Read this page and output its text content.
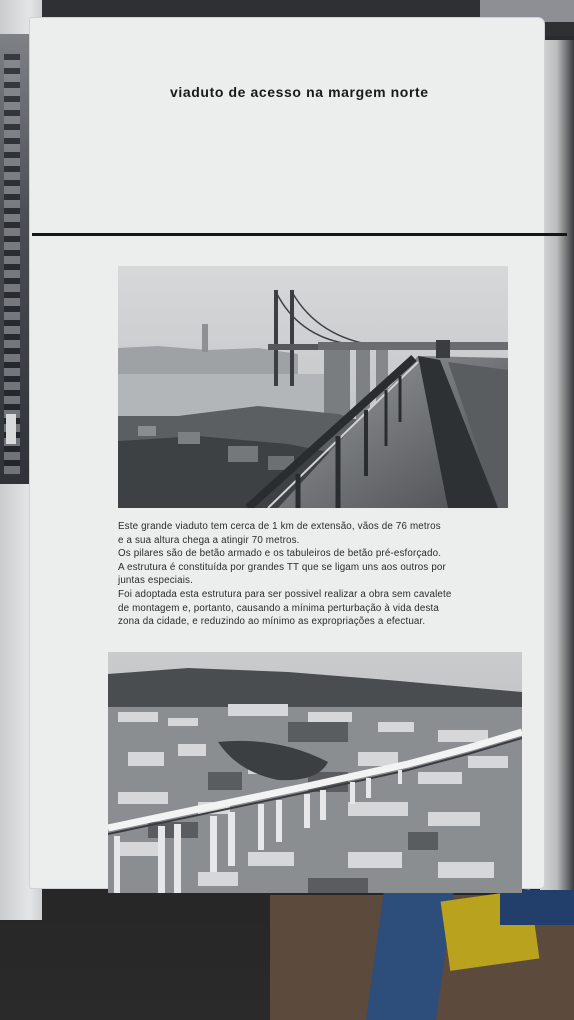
viaduto de acesso na margem norte

Este grande viaduto tem cerca de 1 km de extensão, vãos de 76 metros

e a sua altura chega a atingir 70 metros.

Os pilares são de betão armado e os tabuleiros de betão pré-esforçado.

A estrutura é constituída por grandes TT que se ligam uns aos outros por

juntas especiais.

Foi adoptada esta estrutura para ser possivel realizar a obra sem cavalete

de montagem e, portanto, causando a mínima perturbação à vida desta

zona da cidade, e reduzindo ao mínimo as expropriações a efectuar.
